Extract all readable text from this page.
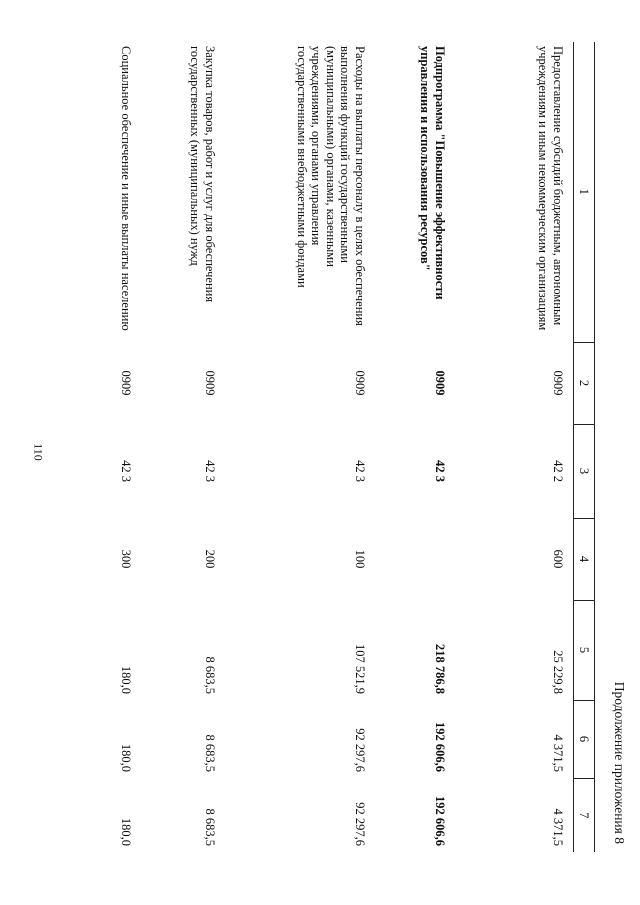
110
Продолжение приложения 8
1	2	3	4	5	6	7
Предоставление субсидий бюджетным, автономным учреждениям и иным некоммерческим организациям	0909	42 2	600	25 229,8	4 371,5	4 371,5
Подпрограмма "Повышение эффективности управления и использования ресурсов"	0909	42 3		218 786,8	192 606,6	192 606,6
Расходы на выплаты персоналу в целях обеспечения выполнения функций государственными (муниципальными) органами, казенными учреждениями, органами управления государственными внебюджетными фондами	0909	42 3	100	107 521,9	92 297,6	92 297,6
Закупка товаров, работ и услуг для обеспечения государственных (муниципальных) нужд	0909	42 3	200	8 683,5	8 683,5	8 683,5
Социальное обеспечение и иные выплаты населению	0909	42 3	300	180,0	180,0	180,0
